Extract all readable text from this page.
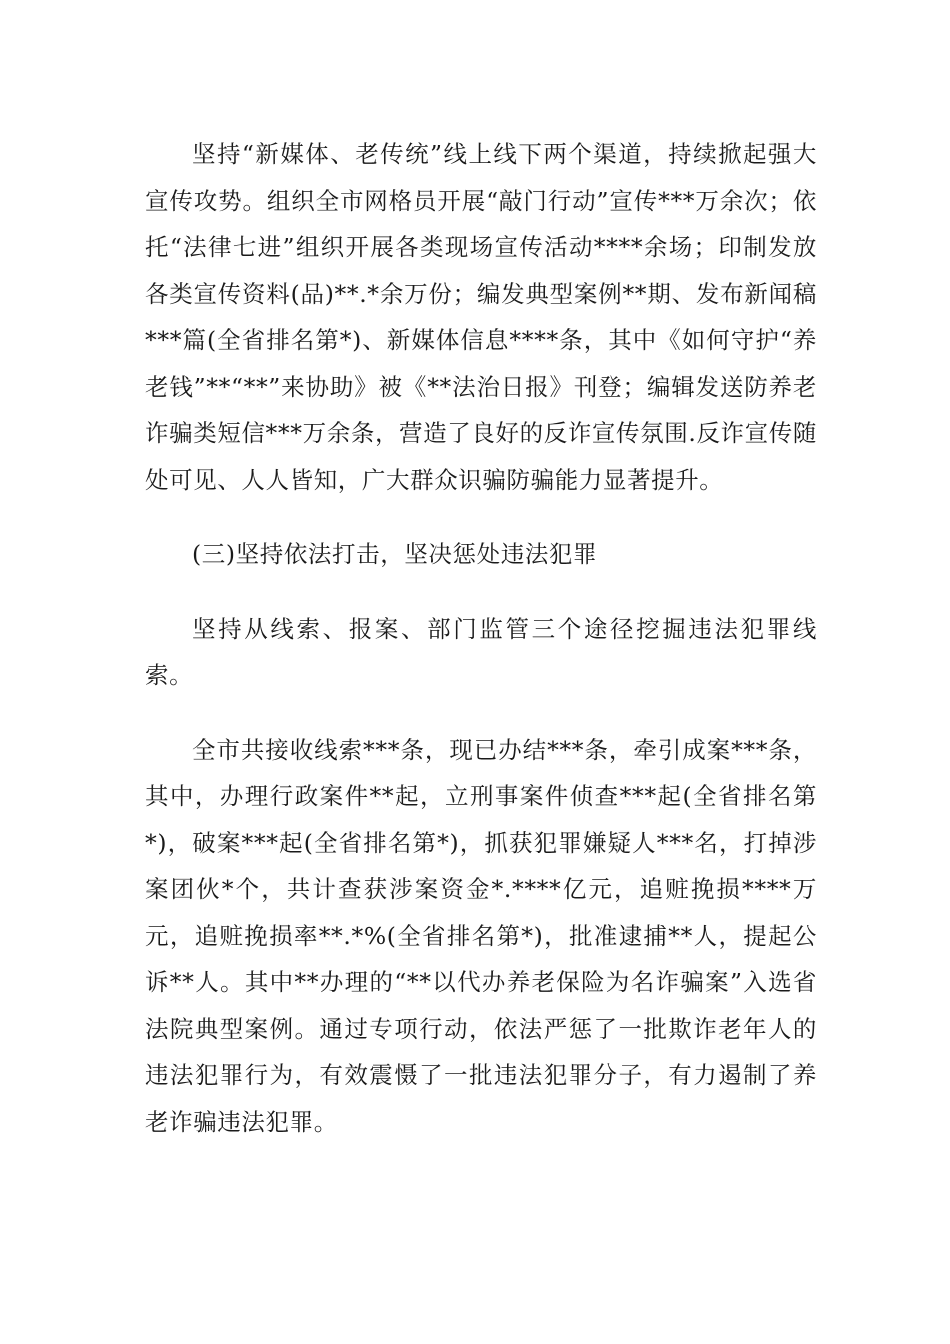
坚持“新媒体、老传统”线上线下两个渠道，持续掀起强大宣传攻势。组织全市网格员开展“敲门行动”宣传***万余次；依托“法律七进”组织开展各类现场宣传活动****余场；印制发放各类宣传资料(品)**.*余万份；编发典型案例**期、发布新闻稿***篇(全省排名第*)、新媒体信息****条，其中《如何守护“养老钱”**“**”来协助》被《**法治日报》刊登；编辑发送防养老诈骗类短信***万余条，营造了良好的反诈宣传氛围.反诈宣传随处可见、人人皆知，广大群众识骗防骗能力显著提升。

(三)坚持依法打击，坚决惩处违法犯罪

坚持从线索、报案、部门监管三个途径挖掘违法犯罪线索。

全市共接收线索***条，现已办结***条，牵引成案***条，其中，办理行政案件**起，立刑事案件侦查***起(全省排名第*)，破案***起(全省排名第*)，抓获犯罪嫌疑人***名，打掉涉案团伙*个，共计查获涉案资金*.****亿元，追赃挽损****万元，追赃挽损率**.*%(全省排名第*)，批准逮捕**人，提起公诉**人。其中**办理的“**以代办养老保险为名诈骗案”入选省法院典型案例。通过专项行动，依法严惩了一批欺诈老年人的违法犯罪行为，有效震慑了一批违法犯罪分子，有力遏制了养老诈骗违法犯罪。
